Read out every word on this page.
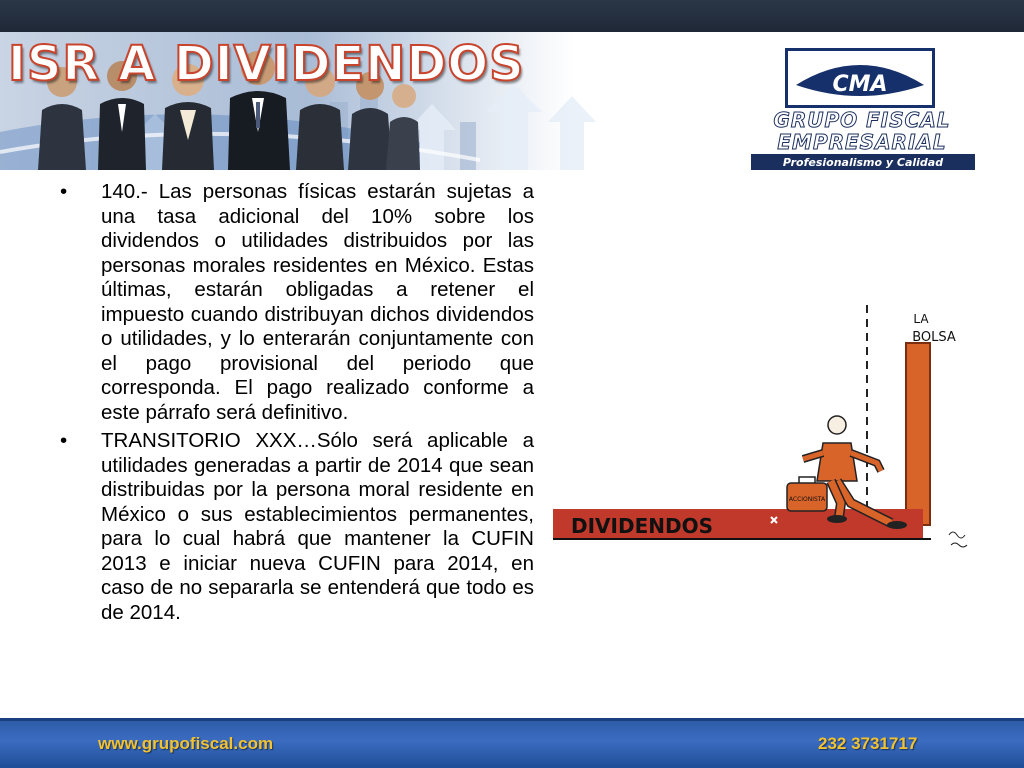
ISR A DIVIDENDOS	CMA

GRUPO FISCAL

EMPRESARIAL

Profesionalismo y Calidad
• 140.- Las personas físicas estarán sujetas a una tasa adicional del 10% sobre los dividendos o utilidades distribuidos por las personas morales residentes en México. Estas últimas, estarán obligadas a retener el impuesto cuando distribuyan dichos dividendos o utilidades, y lo enterarán conjuntamente con el pago provisional del periodo que corresponda. El pago realizado conforme a este párrafo será definitivo.
• TRANSITORIO XXX…Sólo será aplicable a utilidades generadas a partir de 2014 que sean distribuidas por la persona moral residente en México o sus establecimientos permanentes, para lo cual habrá que mantener la CUFIN 2013 e iniciar nueva CUFIN para 2014, en caso de no separarla se entenderá que todo es de 2014.
LA
BOLSA
DIVIDENDOS
ACCIONISTA
www.grupofiscal.com	232 3731717
